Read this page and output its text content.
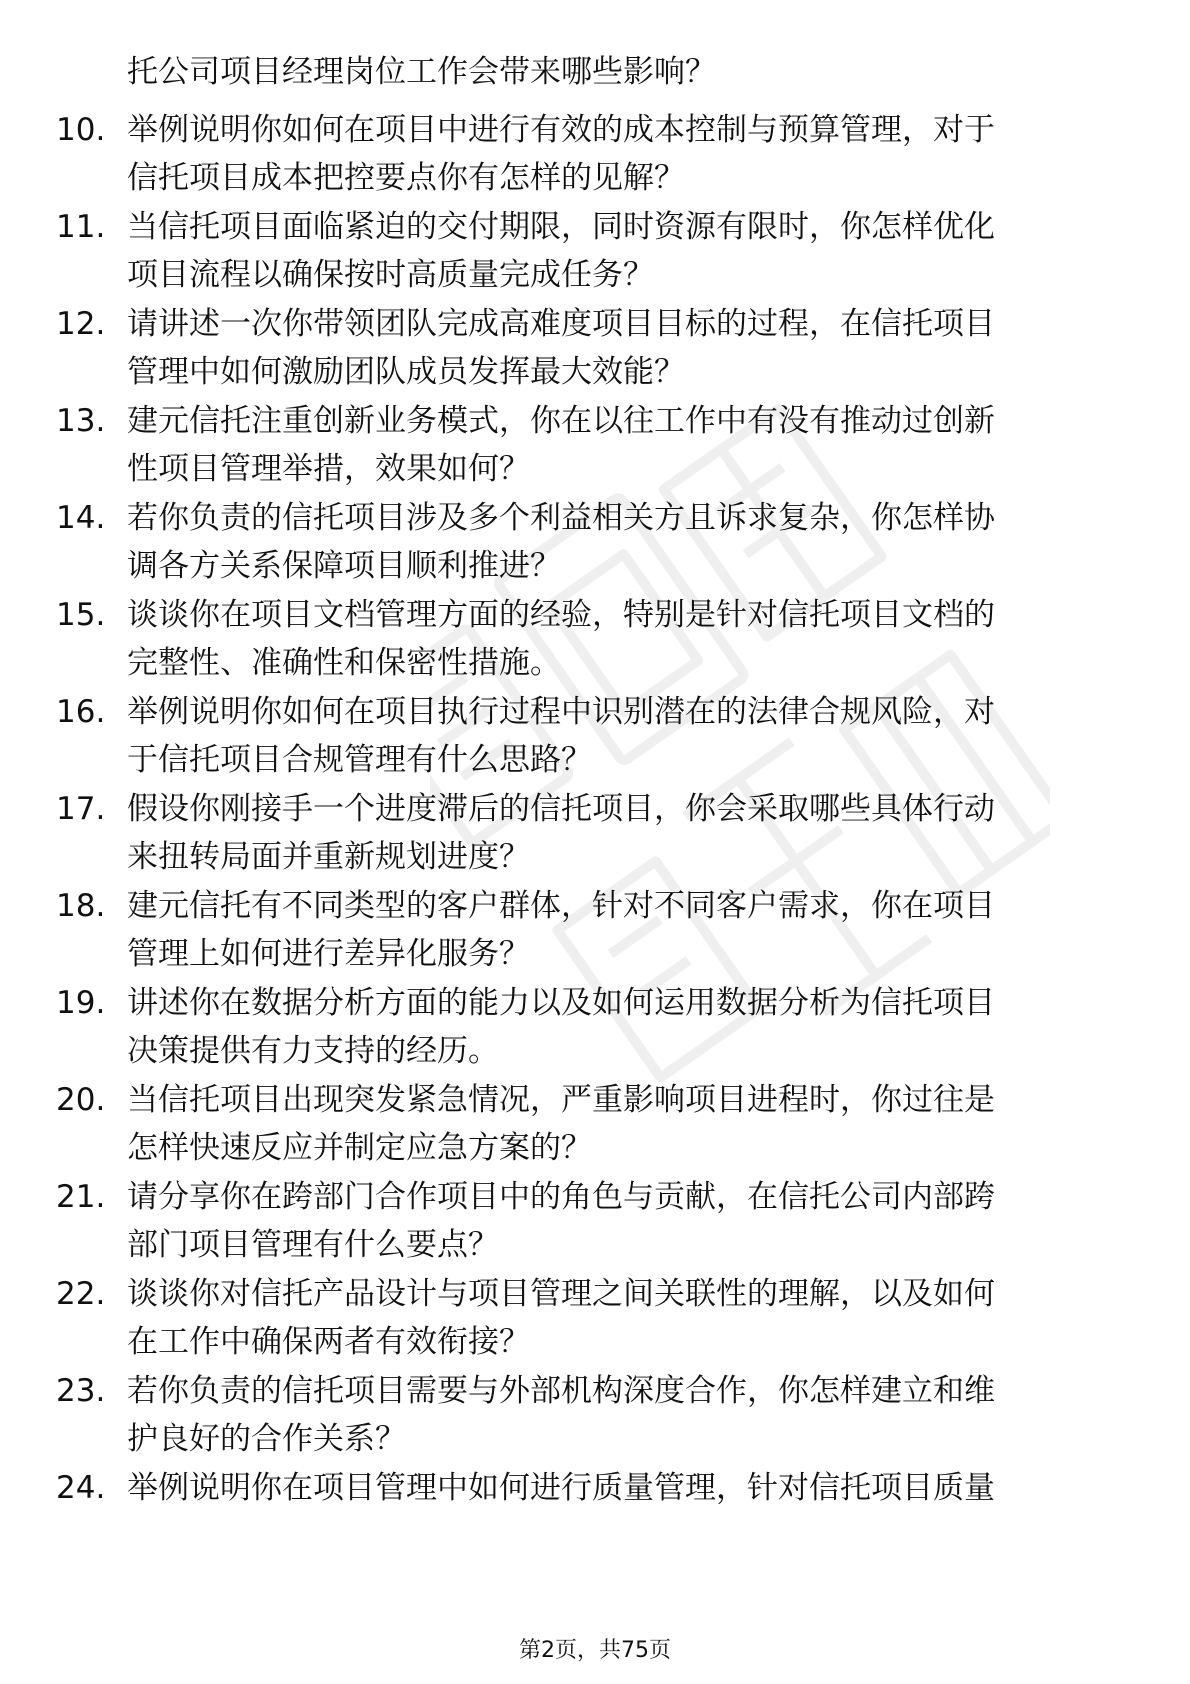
托公司项目经理岗位工作会带来哪些影响？
10. 举例说明你如何在项目中进行有效的成本控制与预算管理，对于
信托项目成本把控要点你有怎样的见解？
11. 当信托项目面临紧迫的交付期限，同时资源有限时，你怎样优化
项目流程以确保按时高质量完成任务？
12. 请讲述一次你带领团队完成高难度项目目标的过程，在信托项目
管理中如何激励团队成员发挥最大效能？
13. 建元信托注重创新业务模式，你在以往工作中有没有推动过创新
性项目管理举措，效果如何？
14. 若你负责的信托项目涉及多个利益相关方且诉求复杂，你怎样协
调各方关系保障项目顺利推进？
15. 谈谈你在项目文档管理方面的经验，特别是针对信托项目文档的
完整性、准确性和保密性措施。
16. 举例说明你如何在项目执行过程中识别潜在的法律合规风险，对
于信托项目合规管理有什么思路？
17. 假设你刚接手一个进度滞后的信托项目，你会采取哪些具体行动
来扭转局面并重新规划进度？
18. 建元信托有不同类型的客户群体，针对不同客户需求，你在项目
管理上如何进行差异化服务？
19. 讲述你在数据分析方面的能力以及如何运用数据分析为信托项目
决策提供有力支持的经历。
20. 当信托项目出现突发紧急情况，严重影响项目进程时，你过往是
怎样快速反应并制定应急方案的？
21. 请分享你在跨部门合作项目中的角色与贡献，在信托公司内部跨
部门项目管理有什么要点？
22. 谈谈你对信托产品设计与项目管理之间关联性的理解，以及如何
在工作中确保两者有效衔接？
23. 若你负责的信托项目需要与外部机构深度合作，你怎样建立和维
护良好的合作关系？
24. 举例说明你在项目管理中如何进行质量管理，针对信托项目质量
第2页，共75页
